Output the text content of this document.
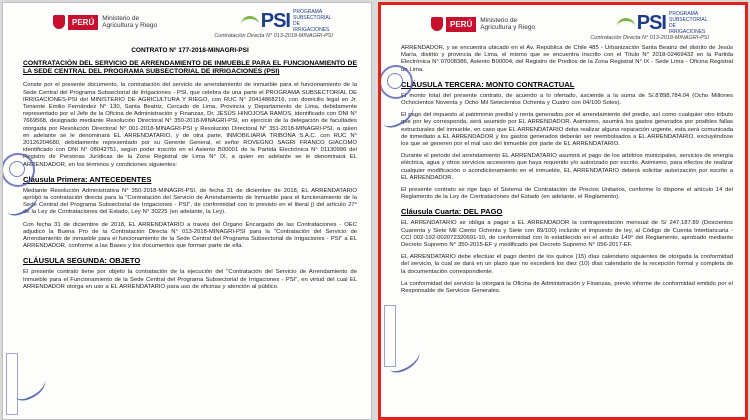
PERÚ	Ministerio de Agricultura y Riego	PSI PROGRAMA SUBSECTORIAL DE IRRIGACIONES
Contratación Directa N° 013-2018-MINAGRI-PSI
CONTRATO N° 177-2018-MINAGRI-PSI
CONTRATACIÓN DEL SERVICIO DE ARRENDAMIENTO DE INMUEBLE PARA EL FUNCIONAMIENTO DE LA SEDE CENTRAL DEL PROGRAMA SUBSECTORIAL DE IRRIGACIONES (PSI)

Conste por el presente documento, la contratación del servicio de arrendamiento de inmueble para el funcionamiento de la Sede Central del Programa Subsectorial de Irrigaciones - PSI, que celebra de una parte el PROGRAMA SUBSECTORIAL DE IRRIGACIONES-PSI del MINISTERIO DE AGRICULTURA Y RIEGO, con RUC N° 20414868216, con domicilio legal en Jr. Teniente Emilio Fernández N° 130, Santa Beatriz, Cercado de Lima, Provincia y Departamento de Lima, debidamente representado por el Jefe de la Oficina de Administración y Finanzas, Dr. JESÚS HINOJOSA RAMOS, identificado con DNI N° 7669568, designado mediante Resolución Directoral N° 350-2018-MINAGRI-PSI, en ejercicio de la delegación de facultades otorgada por Resolución Directoral N° 001-2018-MINAGRI-PSI y Resolución Directoral N° 351-2018-MINAGRI-PSI, a quien en adelante se le denominará EL ARRENDATARIO, y de otra parte, INMOBILIARIA TRIBONA S.A.C. con RUC N° 20126204680, debidamente representado por su Gerente General, el señor ROVEGNO SAGRI FRANCO GIACOMO identificado con DNI N° 08042751, según poder inscrito en el Asiento B00001 de la Partida Electrónica N° 01130996 del Registro de Personas Jurídicas de la Zona Registral de Lima N° IX, a quien en adelante se le denominará EL ARRENDADOR, en los términos y condiciones siguientes:

Cláusula Primera: ANTECEDENTES

Mediante Resolución Administrativa N° 350-2018-MINAGRI-PSI, de fecha 31 de diciembre de 2018, EL ARRENDATARIO aprobó la contratación directa para la "Contratación del Servicio de Arrendamiento de Inmueble para el funcionamiento de la Sede Central del Programa Subsectorial de Irrigaciones - PSI", de conformidad con lo previsto en el literal j) del artículo 27° de la Ley de Contrataciones del Estado, Ley N° 30225 (en adelante, la Ley).

Con fecha 31 de diciembre de 2018, EL ARRENDATARIO a través del Órgano Encargado de las Contrataciones - OEC adjudicó la Buena Pro de la Contratación Directa N° 013-2018-MINAGRI-PSI para la "Contratación del Servicio de Arrendamiento de inmueble para el funcionamiento de la Sede Central del Programa Subsectorial de Irrigaciones - PSI" a EL ARRENDADOR, conforme a las Bases y los documentos que forman parte de ella.

CLÁUSULA SEGUNDA: OBJETO

El presente contrato tiene por objeto la contratación de la ejecución del "Contratación del Servicio de Arrendamiento de Inmueble para el Funcionamiento de la Sede Central del Programa Subsectorial de Irrigaciones - PSI", en virtud del cual EL ARRENDADOR otorga en uso a EL ARRENDATARIO para uso de oficinas y atención al público.

PERÚ	Ministerio de Agricultura y Riego	PSI PROGRAMA SUBSECTORIAL DE IRRIGACIONES
Contratación Directa N° 013-2018-MINAGRI-PSI

ARRENDADOR, y se encuentra ubicado en el Av. República de Chile 485 - Urbanización Santa Beatriz del distrito de Jesús María, distrito y provincia de Lima, el mismo que se encuentra inscrito con el Título N° 2018-02469432 en la Partida Electrónica N° 07008386, Asiento B00004, del Registro de Predios de la Zona Registral N° IX - Sede Lima - Oficina Registral de Lima.

CLÁUSULA TERCERA: MONTO CONTRACTUAL

El monto total del presente contrato, de acuerdo a lo ofertado, asciende a la suma de S/.8'898,784.04 (Ocho Millones Ochocientos Noventa y Ocho Mil Setecientos Ochenta y Cuatro con 04/100 Soles).

El pago del impuesto al patrimonio predial y renta generados por el arrendamiento del predio, así como cualquier otro tributo que por ley corresponda, será asumido por EL ARRENDADOR. Asimismo, asumirá los gastos generados por posibles fallas estructurales del inmueble, en caso que EL ARRENDATARIO deba realizar alguna reparación urgente, esta será comunicada de inmediato a EL ARRENDADOR y los gastos generados deberán ser reembolsados a EL ARRENDATARIO, excluyéndose los que se generen por el mal uso del inmueble por parte de EL ARRENDATARIO.

Durante el periodo del arrendamiento EL ARRENDATARIO asumirá el pago de los arbitrios municipales, servicios de energía eléctrica, agua y otros servicios accesorios que haya requerido y/o autorizado por escrito. Asimismo, para efectos de realizar cualquier modificación o acondicionamiento en el inmueble, EL ARRENDATARIO deberá solicitar autorización por escrito a EL ARRENDADOR.

El presente contrato se rige bajo el Sistema de Contratación de Precios Unitarios, conforme lo dispone el artículo 14 del Reglamento de la Ley de Contrataciones del Estado (en adelante, el Reglamento).

Cláusula Cuarta: DEL PAGO

EL ARRENDATARIO se obliga a pagar a EL ARRENDADOR la contraprestación mensual de S/ 247,187.89 (Doscientos Cuarenta y Siete Mil Ciento Ochenta y Siete con 89/100) incluido el impuesto de ley, al Código de Cuenta Interbancaria - CCI 002-192-002072320691-10, de conformidad con lo establecido en el artículo 149° del Reglamento, aprobado mediante Decreto Supremo N° 350-2015-EF y modificado por Decreto Supremo N° 056-2017-EF.

EL ARRENDATARIO debe efectuar el pago dentro de los quince (15) días calendario siguientes de otorgada la conformidad del servicio, la cual se dará en un plazo que no excederá los diez (10) días calendario de la recepción formal y completa de la documentación correspondiente.

La conformidad del servicio la otorgará la Oficina de Administración y Finanzas, previo informe de conformidad emitido por el Responsable de Servicios Generales.
